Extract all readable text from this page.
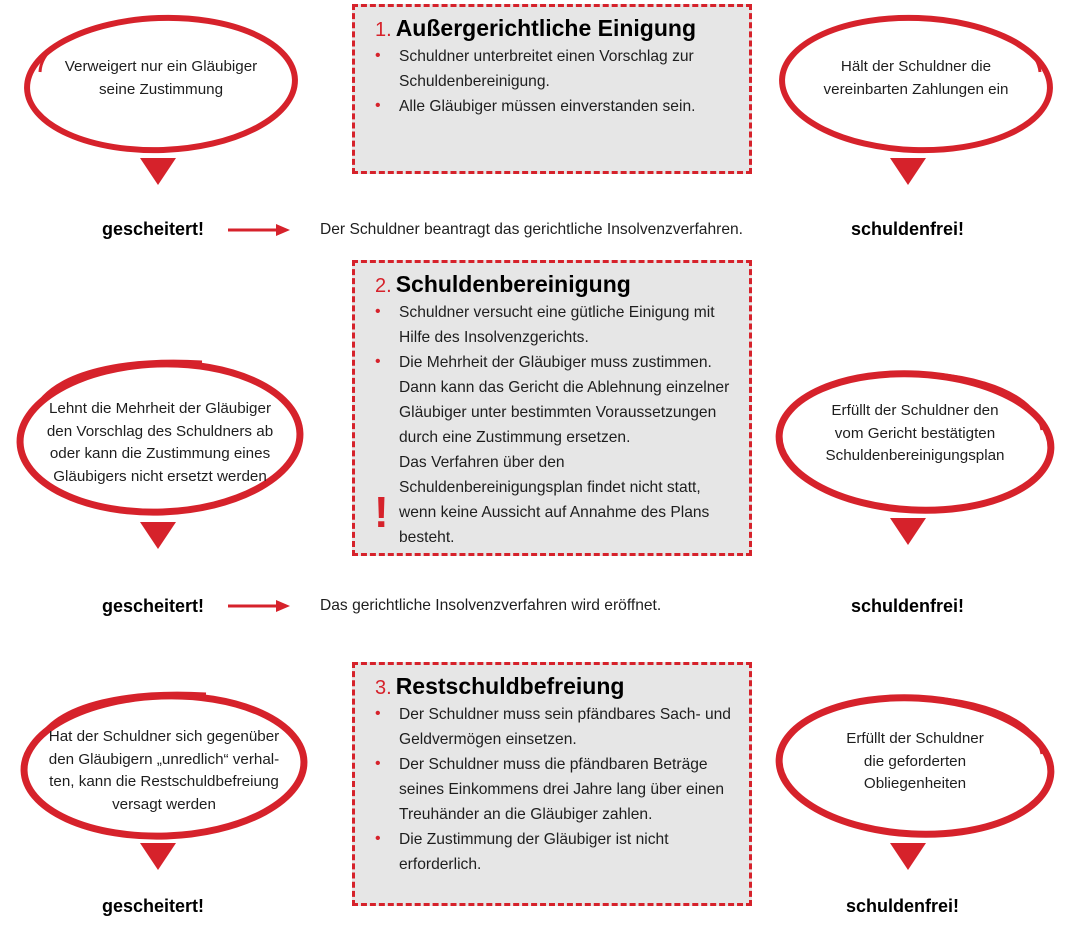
1. Außergerichtliche Einigung
• Schuldner unterbreitet einen Vorschlag zur Schuldenbereinigung.
• Alle Gläubiger müssen einverstanden sein.
2. Schuldenbereinigung
• Schuldner versucht eine gütliche Einigung mit Hilfe des Insolvenzgerichts.
• Die Mehrheit der Gläubiger muss zustimmen. Dann kann das Gericht die Ablehnung einzelner Gläubiger unter bestimmten Voraussetzungen durch eine Zustimmung ersetzen.
Das Verfahren über den Schuldenbereinigungsplan findet nicht statt, wenn keine Aussicht auf Annahme des Plans besteht.
!
3. Restschuldbefreiung
• Der Schuldner muss sein pfändbares Sach- und Geldvermögen einsetzen.
• Der Schuldner muss die pfändbaren Beträge seines Einkommens drei Jahre lang über einen Treuhänder an die Gläubiger zahlen.
• Die Zustimmung der Gläubiger ist nicht erforderlich.
Verweigert nur ein Gläubiger
seine Zustimmung
Lehnt die Mehrheit der Gläubiger
den Vorschlag des Schuldners ab
oder kann die Zustimmung eines
Gläubigers nicht ersetzt werden
Hat der Schuldner sich gegenüber
den Gläubigern „unredlich“ verhal-
ten, kann die Restschuldbefreiung
versagt werden
Hält der Schuldner die
vereinbarten Zahlungen ein
Erfüllt der Schuldner den
vom Gericht bestätigten
Schuldenbereinigungsplan
Erfüllt der Schuldner
die geforderten
Obliegenheiten
gescheitert!	Der Schuldner beantragt das gerichtliche Insolvenzverfahren.	schuldenfrei!
gescheitert!	Das gerichtliche Insolvenzverfahren wird eröffnet.	schuldenfrei!
gescheitert!	schuldenfrei!
